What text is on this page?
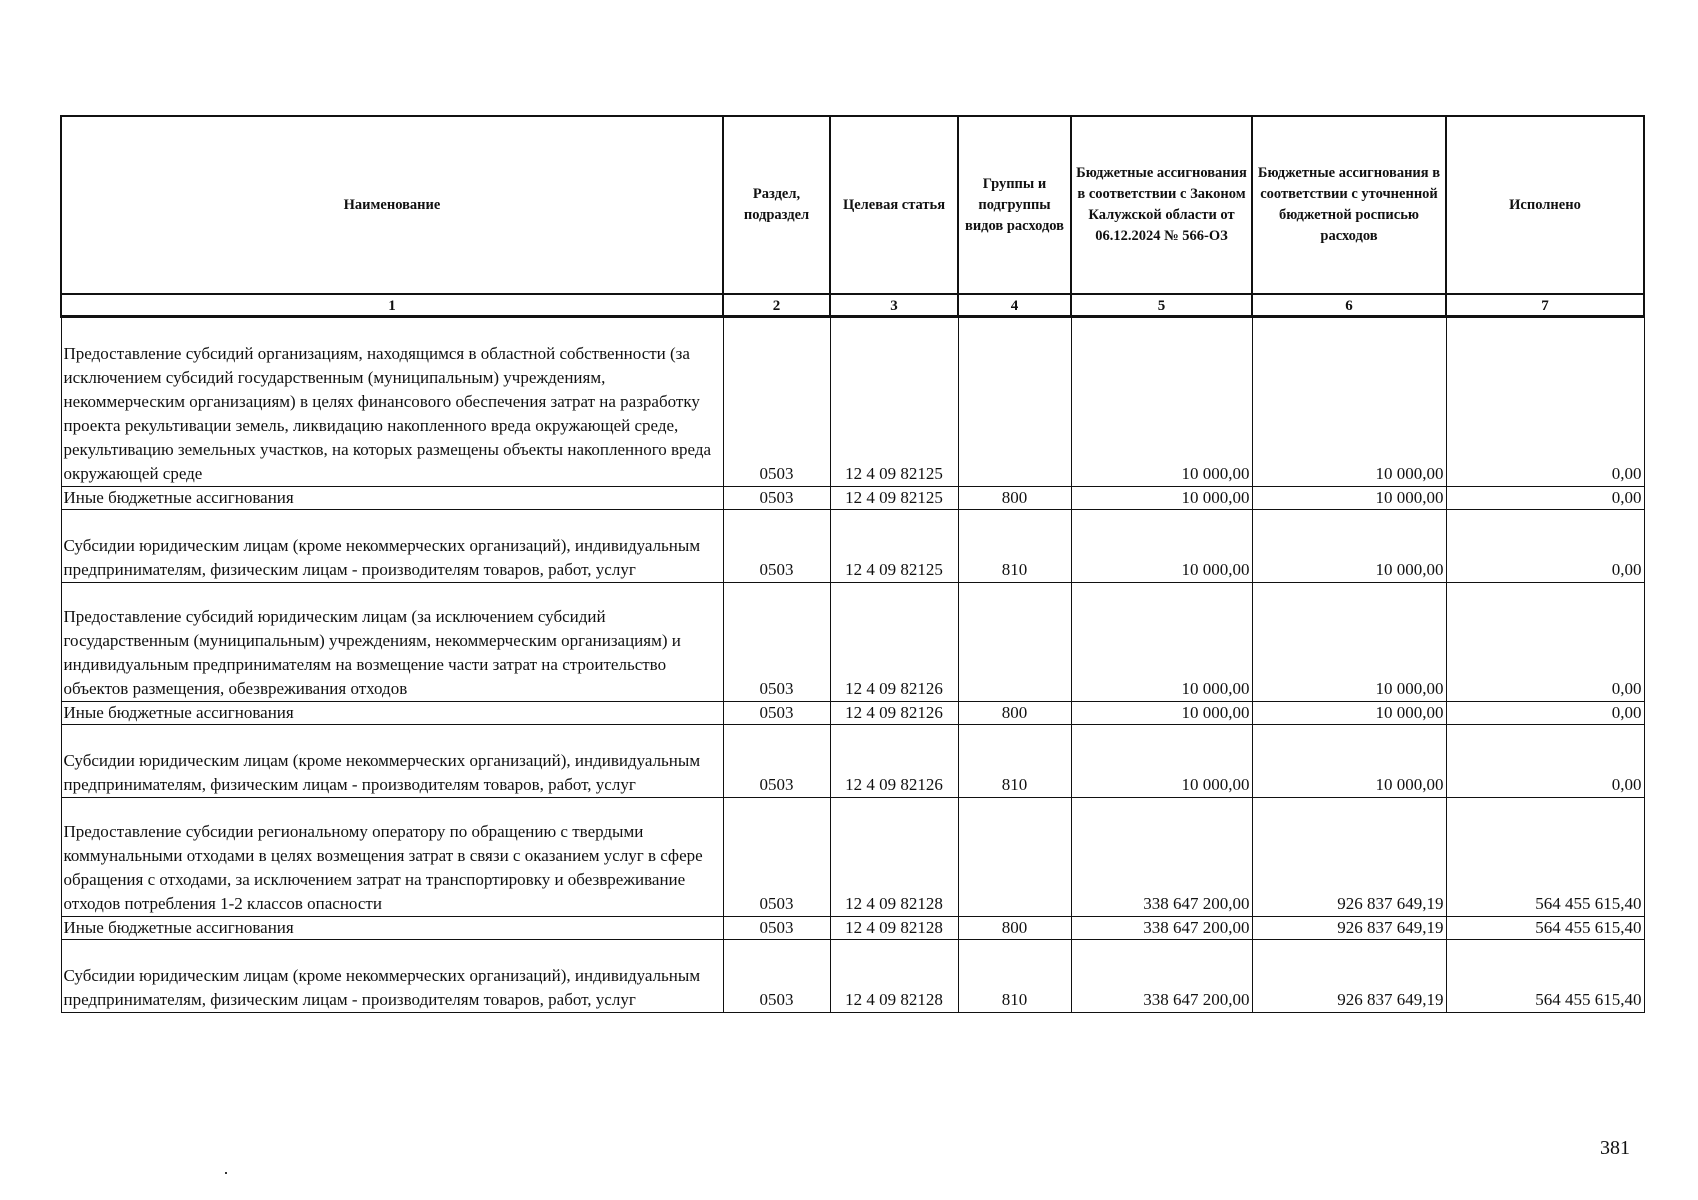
Наименование	Раздел, подраздел	Целевая статья	Группы и подгруппы видов расходов	Бюджетные ассигнования в соответствии с Законом Калужской области от 06.12.2024 № 566-ОЗ	Бюджетные ассигнования в соответствии с уточненной бюджетной росписью расходов	Исполнено
1	2	3	4	5	6	7
Предоставление субсидий организациям, находящимся в областной собственности (за исключением субсидий государственным (муниципальным) учреждениям, некоммерческим организациям) в целях финансового обеспечения затрат на разработку проекта рекультивации земель, ликвидацию накопленного вреда окружающей среде, рекультивацию земельных участков, на которых размещены объекты накопленного вреда окружающей среде	0503	12 4 09 82125		10 000,00	10 000,00	0,00
Иные бюджетные ассигнования	0503	12 4 09 82125	800	10 000,00	10 000,00	0,00
Субсидии юридическим лицам (кроме некоммерческих организаций), индивидуальным предпринимателям, физическим лицам - производителям товаров, работ, услуг	0503	12 4 09 82125	810	10 000,00	10 000,00	0,00
Предоставление субсидий юридическим лицам (за исключением субсидий государственным (муниципальным) учреждениям, некоммерческим организациям) и индивидуальным предпринимателям на возмещение части затрат на строительство объектов размещения, обезвреживания отходов	0503	12 4 09 82126		10 000,00	10 000,00	0,00
Иные бюджетные ассигнования	0503	12 4 09 82126	800	10 000,00	10 000,00	0,00
Субсидии юридическим лицам (кроме некоммерческих организаций), индивидуальным предпринимателям, физическим лицам - производителям товаров, работ, услуг	0503	12 4 09 82126	810	10 000,00	10 000,00	0,00
Предоставление субсидии региональному оператору по обращению с твердыми коммунальными отходами в целях возмещения затрат в связи с оказанием услуг в сфере обращения с отходами, за исключением затрат на транспортировку и обезвреживание отходов потребления 1-2 классов опасности	0503	12 4 09 82128		338 647 200,00	926 837 649,19	564 455 615,40
Иные бюджетные ассигнования	0503	12 4 09 82128	800	338 647 200,00	926 837 649,19	564 455 615,40
Субсидии юридическим лицам (кроме некоммерческих организаций), индивидуальным предпринимателям, физическим лицам - производителям товаров, работ, услуг	0503	12 4 09 82128	810	338 647 200,00	926 837 649,19	564 455 615,40
381
